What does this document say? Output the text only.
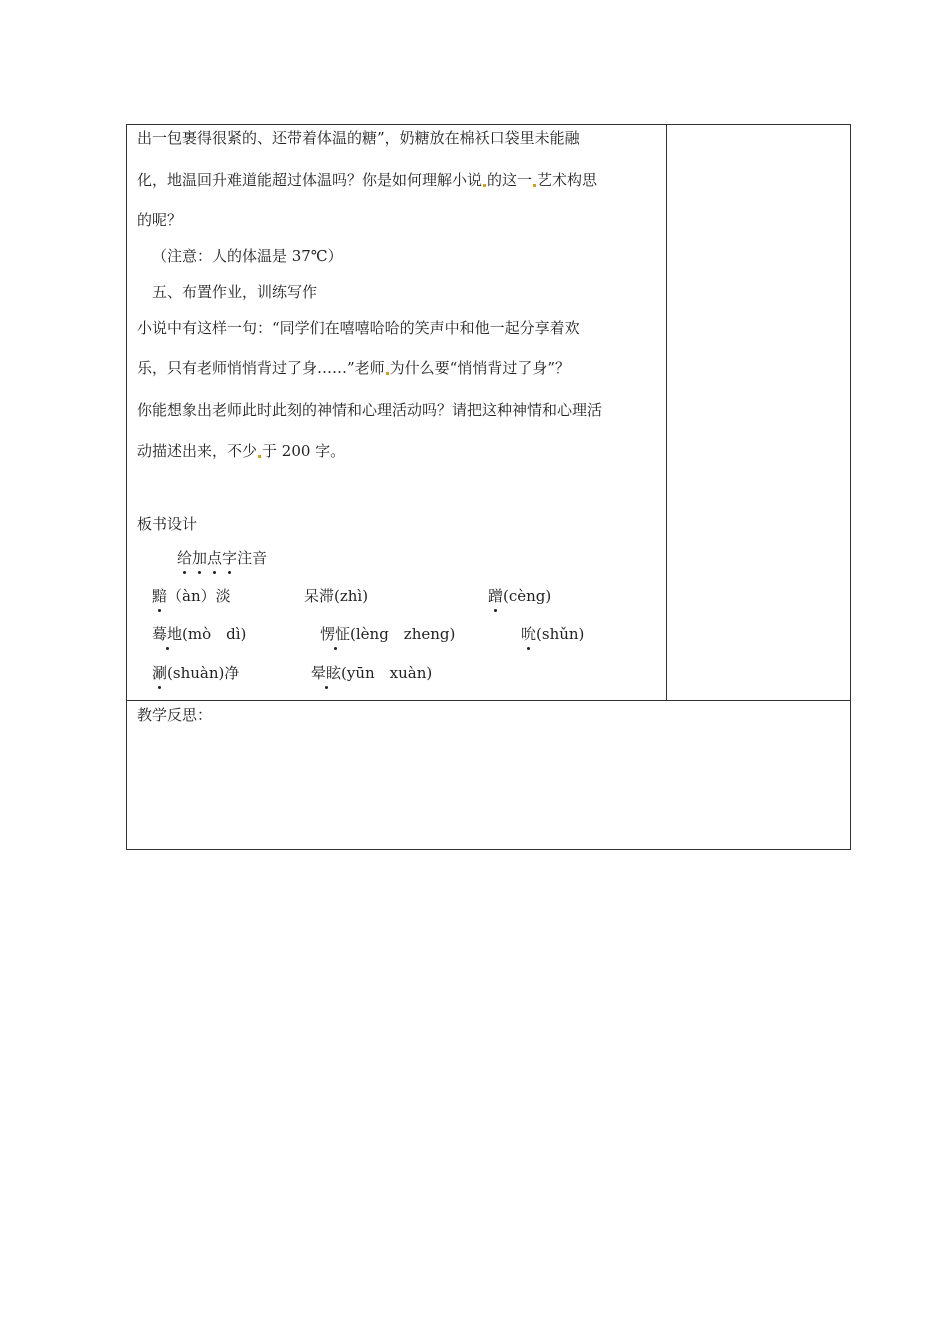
出一包裹得很紧的、还带着体温的糖”，奶糖放在棉袄口袋里未能融
化，地温回升难道能超过体温吗？你是如何理解小说 的这一 艺术构思
的呢？
（注意：人的体温是 37℃）
五、布置作业，训练写作
小说中有这样一句：“同学们在嘻嘻哈哈的笑声中和他一起分享着欢
乐，只有老师悄悄背过了身……”老师 为什么要“悄悄背过了身”？
你能想象出老师此时此刻的神情和心理活动吗？请把这种神情和心理活
动描述出来，不少 于 200 字。
板书设计
给加点字注音
黯（àn）淡	呆滞(zhì)	蹭(cèng)
蓦地(mò　dì)	愣怔(lèng　zheng)	吮(shǔn)
涮(shuàn)净	晕眩(yūn　xuàn)
教学反思：
